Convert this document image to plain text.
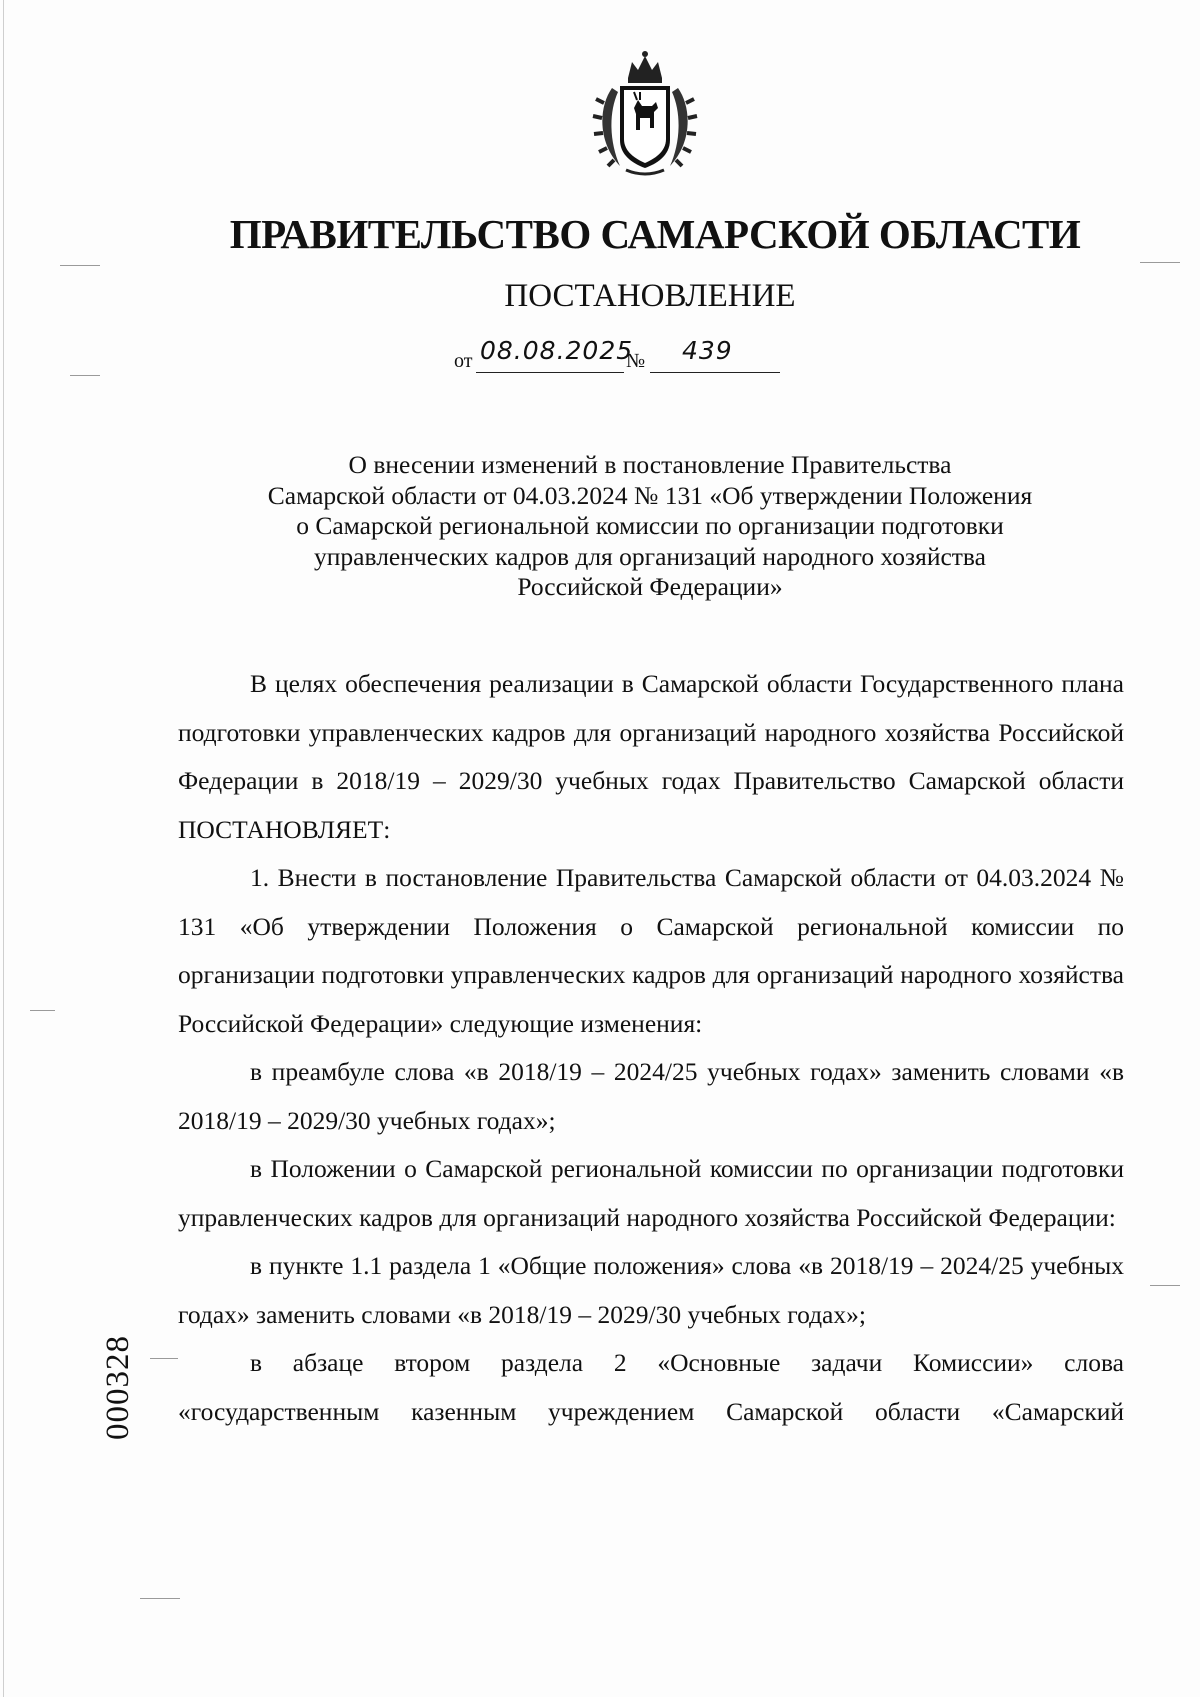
ПРАВИТЕЛЬСТВО САМАРСКОЙ ОБЛАСТИ
ПОСТАНОВЛЕНИЕ
от 08.08.2025
№ 439
О внесении изменений в постановление Правительства
Самарской области от 04.03.2024 № 131 «Об утверждении Положения
о Самарской региональной комиссии по организации подготовки
управленческих кадров для организаций народного хозяйства
Российской Федерации»

В целях обеспечения реализации в Самарской области Государственного плана подготовки управленческих кадров для организаций народного хозяйства Российской Федерации в 2018/19 – 2029/30 учебных годах Правительство Самарской области ПОСТАНОВЛЯЕТ:

1. Внести в постановление Правительства Самарской области от 04.03.2024 № 131 «Об утверждении Положения о Самарской региональной комиссии по организации подготовки управленческих кадров для организаций народного хозяйства Российской Федерации» следующие изменения:

в преамбуле слова «в 2018/19 – 2024/25 учебных годах» заменить словами «в 2018/19 – 2029/30 учебных годах»;

в Положении о Самарской региональной комиссии по организации подготовки управленческих кадров для организаций народного хозяйства Российской Федерации:

в пункте 1.1 раздела 1 «Общие положения» слова «в 2018/19 – 2024/25 учебных годах» заменить словами «в 2018/19 – 2029/30 учебных годах»;

в абзаце втором раздела 2 «Основные задачи Комиссии» слова «государственным казенным учреждением Самарской области «Самарский

000328
